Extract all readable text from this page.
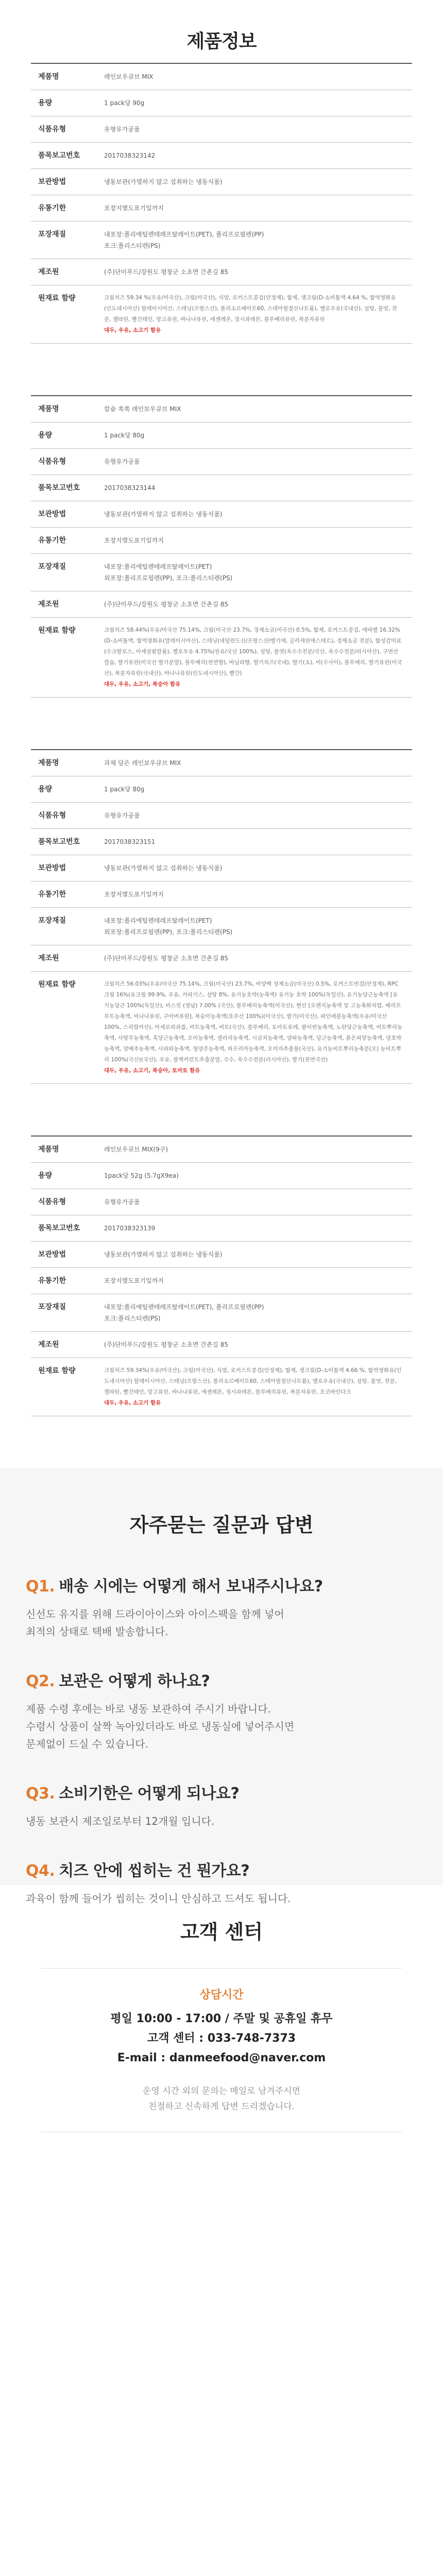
제품정보
제품명	레인보우큐브 MIX
용량	1 pack당 90g
식품유형	유형유가공품
품목보고번호	2017038323142
보관방법	냉동보관(가열하지 않고 섭취하는 냉동식품)
유통기한	포장지별도표기일까지
포장재질	내포장:폴리에틸렌테레프탈레이트(PET), 폴리프로필렌(PP)
포크:폴리스티렌(PS)
제조원	(주)단미푸드/강원도 평창군 소초면 간촌길 85
원재료 함량	크림치즈 59.34 %(우유/미국산), 크림(미국산), 식염, 로커스트콩검(안정제), 합제, 생크림(D-소비톨액 4.64 %, 합역영화유(인도네시아산) 탈레이시아산, 스테닝(프랑스산), 폴리소르베이트60, 스테아릴젖산나트륨), 옐로우유(국내산), 설탕, 물엿, 전분, 젤라틴, 빨간테인, 망고퓨린, 바나나퓨린, 에센레몬, 정시과레몬, 블루베리퓨린, 복분자퓨린
대두, 우유, 소고기 함유
제품명	칼슘 쏙쏙 레인보우큐브 MIX
용량	1 pack당 80g
식품유형	유형유가공품
품목보고번호	2017038323144
보관방법	냉동보관(가열하지 않고 섭취하는 냉동식품)
유통기한	포장지별도표기일까지
포장재질	내포장:폴리에틸렌테레프탈레이트(PET)
외포장:폴리프로필렌(PP), 포크:폴리스티렌(PS)
제조원	(주)단미푸드/강원도 평창군 소초면 간촌길 85
원재료 함량	크림치즈 58.44%(우유/미국산 75.14%, 크림(미국산 23.7%, 정제소금(미국산) 0.5%, 합제, 로커스트콩검, 에바렐 16.32%(D-소비톨액, 합역영화유(말레이시아산), 스테닝(네덜란드산/프랑스산/벨기에, 글리세린에스테르), 정제소금 전분), 합성감미료(수크랄로스, 아세설팜칼륨), 옐로우유 4.75%(원유/국산 100%), 설탕, 물엿(옥수수전분/국산, 옥수수전분/러시아산), 구연산칼슘, 딸기퓨린(미국산 딸기분말), 블루베리(천연향), 바닐라향, 딸기치즈(국내), 딸기(소), 비(수사이), 블루베리, 딸기퓨린(미국산), 복분자퓨린(국내산), 바나나퓨린(인도네시아산), 빨간)
대두, 우유, 소고기, 복숭아 함유
제품명	과채 담은 레인보우큐브 MIX
용량	1 pack당 80g
식품유형	유형유가공품
품목보고번호	2017038323151
보관방법	냉동보관(가열하지 않고 섭취하는 냉동식품)
유통기한	포장지별도표기일까지
포장재질	내포장:폴리에틸렌테레프탈레이트(PET)
외포장:폴리프로필렌(PP), 포크:폴리스티렌(PS)
제조원	(주)단미푸드/강원도 평창군 소초면 간촌길 85
원재료 함량	크림치즈 56.03%(우유/미국산 75.14%, 크림(미국산) 23.7%, 비양백 정제소금(미국산) 0.5%, 로커스트빈검(안정제), RPC크림 16%(유크림 99.9%, 우유, 카라기스, 설탕 8%, 유기농호박(농축액) 유기농 호박 100%(독일산), 유기농당근농축액 [유기농당근 100%(독일산), 비스킷 (영남) 7.00% (국산), 블루베리농축액(미국산), 현산 [오렌지농축액 및 고농축화처럼, 베리프루트농축액, 비나나퓨린, 구아버퓨린], 복숭아농축액(호주산 100%)(미국산), 딸기(미국산), 파인애플농축액(우유/미국산 100%, 스리랑카산), 아세로라과즙, 비트농축액, 비트(국산), 블루베리, 토마토퓨레, 팔이빈농축액, 노란당근농축액, 비트뿌리농축액, 사탕무농축액, 흑당근농축액, 오이농축액, 셀러리농축액, 시금치농축액, 양파농축액, 당근농축액, 붉은피망농축액, 당호박농축액, 양배추농축액, 사과와농축액, 청양주농축액, 파프리카농축액, 오미자추출물(국산), 유기농비트뿌리농축분(오) 농비트뿌리 100%(국산)(국산), 우유, 블랙커런트추출분말, 수수, 옥수수전분(러시아산), 딸기(천연국산)
대두, 우유, 소고기, 복숭아, 토마토 함유
제품명	레인보우큐브 MIX(9구)
용량	1pack당 52g (5.7gX9ea)
식품유형	유형유가공품
품목보고번호	2017038323139
보관방법	냉동보관(가열하지 않고 섭취하는 냉동식품)
유통기한	포장지별도표기일까지
포장재질	내포장:폴리에틸렌테레프탈레이트(PET), 폴리프로필렌(PP)
포크:폴리스티렌(PS)
제조원	(주)단미푸드/강원도 평창군 소초면 간촌길 85
원재료 함량	크림치즈 59.34%(우유/미국산), 크림(미국산), 식염, 로커스트콩검(안정제), 합제, 생크림(D-소비톨액 4.66 %, 합역영화유(인도네시아산) 탈레이시아산, 스테닝(프랑스산), 폴리소르베이트60, 스테아릴젖산나트륨), 옐로우유(국내산), 설탕, 물엿, 전분, 젤라틴, 빨간테인, 망고퓨린, 바나나퓨린, 에센레몬, 정시과레몬, 블루베리퓨린, 복분자퓨린, 초코바인다크
대두, 우유, 소고기 함유
자주묻는 질문과 답변
Q1. 배송 시에는 어떻게 해서 보내주시나요?
신선도 유지를 위해 드라이아이스와 아이스팩을 함께 넣어
최적의 상태로 택배 발송합니다.
Q2. 보관은 어떻게 하나요?
제품 수령 후에는 바로 냉동 보관하여 주시기 바랍니다.
수령시 상품이 살짝 녹아있더라도 바로 냉동실에 넣어주시면
문제없이 드실 수 있습니다.
Q3. 소비기한은 어떻게 되나요?
냉동 보관시 제조일로부터 12개월 입니다.
Q4. 치즈 안에 씹히는 건 뭔가요?
과육이 함께 들어가 씹히는 것이니 안심하고 드셔도 됩니다.
고객 센터
상담시간
평일 10:00 - 17:00 / 주말 및 공휴일 휴무
고객 센터 : 033-748-7373
E-mail : danmeefood@naver.com
운영 시간 외의 문의는 메일로 남겨주시면
친절하고 신속하게 답변 드리겠습니다.
